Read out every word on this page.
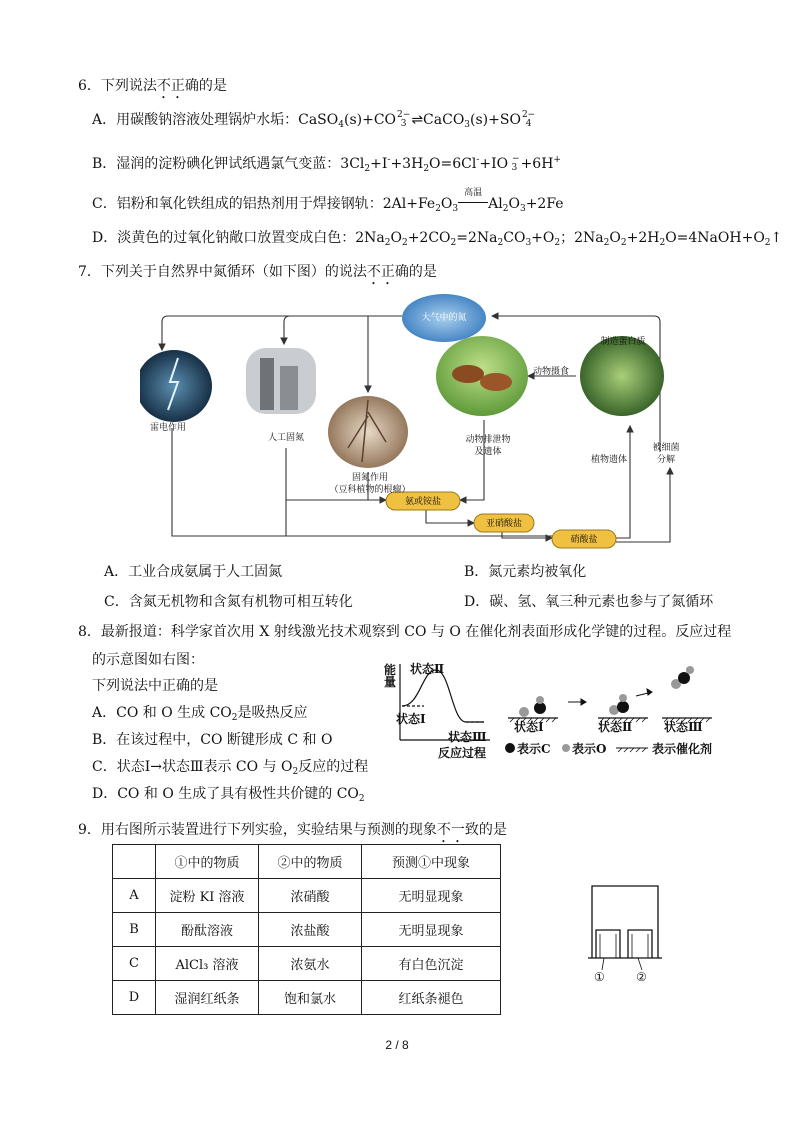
6．下列说法不正确的是
A．用碳酸钠溶液处理锅炉水垢：CaSO$_4$(s)+CO2−
3 ⇌CaCO$_3$(s)+SO2−
4
B．湿润的淀粉碘化钾试纸遇氯气变蓝：$3Cl_2+I^-+3H_2O=6Cl^-+IO$ −
3 +6H+
C．铝粉和氧化铁组成的铝热剂用于焊接钢轨：$2Al+Fe_2O_3$
高温
$Al_2O_3+2Fe$
D．淡黄色的过氧化钠敞口放置变成白色：$2Na_2O_2+2CO_2=2Na_2CO_3+O_2$；$2Na_2O_2+2H_2O=4NaOH+O_2↑$
7．下列关于自然界中氮循环（如下图）的说法不正确的是
大气中的氮
雷电作用
人工固氮
固氮作用
（豆科植物的根瘤）
动物排泄物
及遗体
动物摄食
制造蛋白质
植物遗体
被细菌
分解
氨或铵盐
亚硝酸盐
硝酸盐
A．工业合成氨属于人工固氮	B．氮元素均被氧化
C．含氮无机物和含氮有机物可相互转化	D．碳、氢、氧三种元素也参与了氮循环
8．最新报道：科学家首次用 X 射线激光技术观察到 CO 与 O 在催化剂表面形成化学键的过程。反应过程
的示意图如右图：
下列说法中正确的是
A．CO 和 O 生成 $CO_2$是吸热反应
B．在该过程中，CO 断键形成 C 和 O
C．状态Ⅰ→状态Ⅲ表示 CO 与 $O_2$反应的过程
D．CO 和 O 生成了具有极性共价键的 $CO_2$
能
量
状态Ⅱ
状态Ⅰ
状态Ⅲ
反应过程
状态Ⅰ	状态Ⅱ	状态Ⅲ
表示C 表示O	表示催化剂
9．用右图所示装置进行下列实验，实验结果与预测的现象不一致的是
	①中的物质	②中的物质	预测①中现象
A	淀粉 KI 溶液	浓硝酸	无明显现象
B	酚酞溶液	浓盐酸	无明显现象
C	AlCl₃ 溶液	浓氨水	有白色沉淀
D	湿润红纸条	饱和氯水	红纸条褪色
①	②
2 / 8
